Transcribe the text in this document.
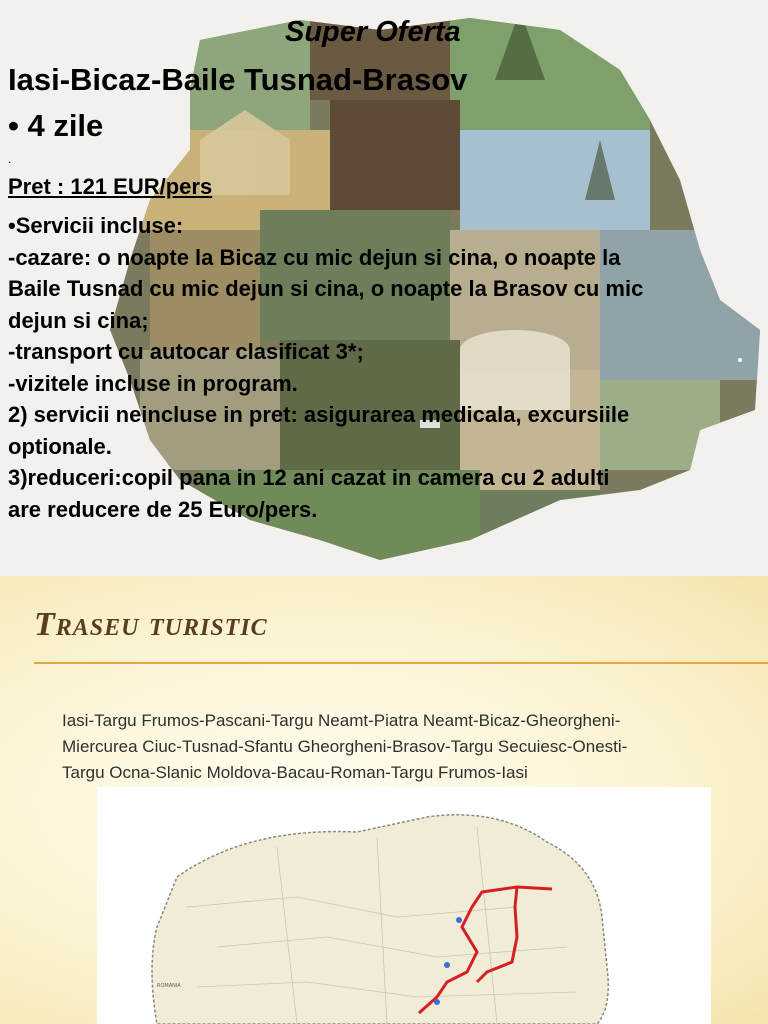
Super Oferta

Iasi-Bicaz-Baile Tusnad-Brasov

• 4 zile

.

Pret : 121 EUR/pers

•Servicii incluse:
-cazare: o noapte la Bicaz cu mic dejun si cina, o noapte la
Baile Tusnad cu mic dejun si cina, o noapte la Brasov cu mic
dejun si cina;
-transport cu autocar clasificat 3*;
-vizitele incluse in program.
2) servicii neincluse in pret: asigurarea medicala, excursiile
optionale.
3)reduceri:copil pana in 12 ani cazat in camera cu 2 adulti
are reducere de 25 Euro/pers.
Traseu turistic
Iasi-Targu Frumos-Pascani-Targu Neamt-Piatra Neamt-Bicaz-Gheorgheni-
Miercurea Ciuc-Tusnad-Sfantu Gheorgheni-Brasov-Targu Secuiesc-Onesti-
Targu Ocna-Slanic Moldova-Bacau-Roman-Targu Frumos-Iasi
ROMANIA
